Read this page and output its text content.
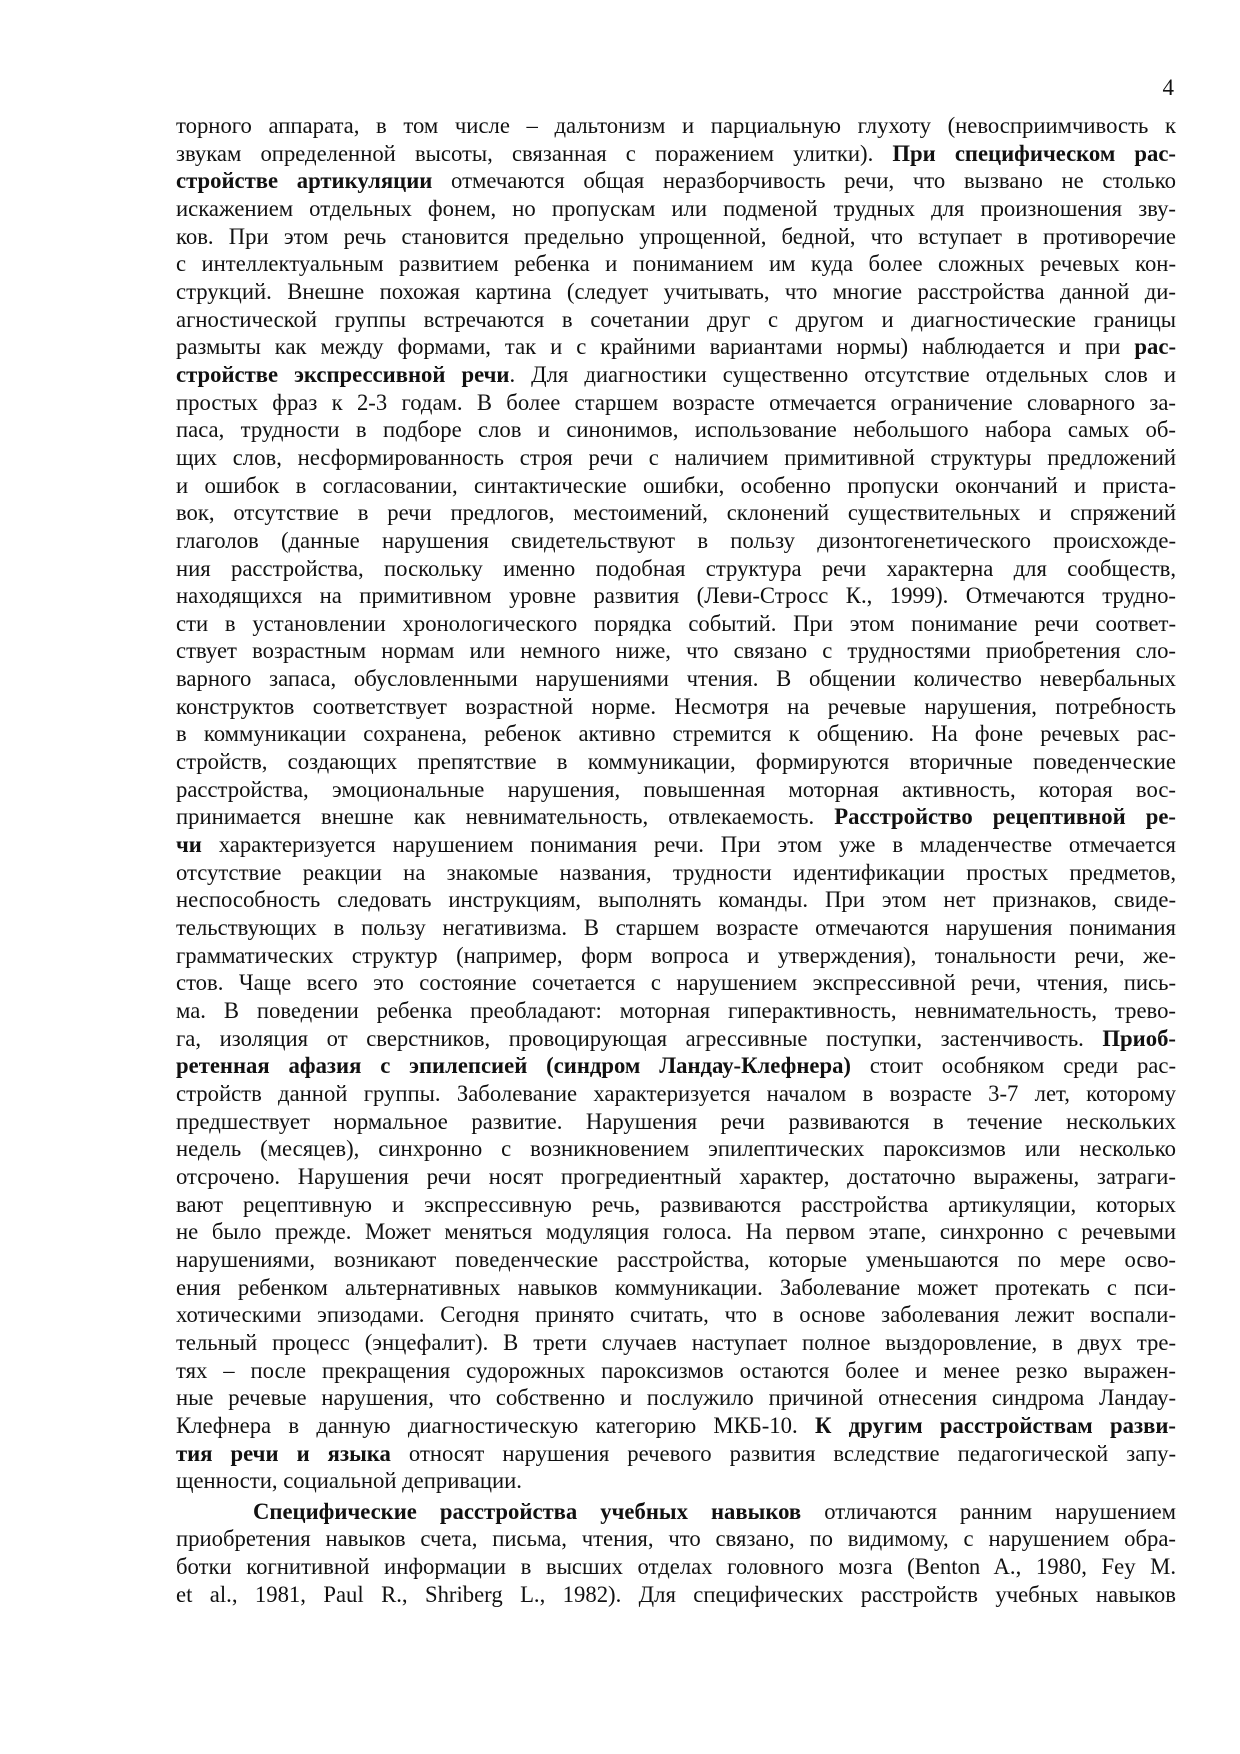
4

торного аппарата, в том числе – дальтонизм и парциальную глухоту (невосприимчивость к
звукам определенной высоты, связанная с поражением улитки). При специфическом рас-
стройстве артикуляции отмечаются общая неразборчивость речи, что вызвано не столько
искажением отдельных фонем, но пропускам или подменой трудных для произношения зву-
ков. При этом речь становится предельно упрощенной, бедной, что вступает в противоречие
с интеллектуальным развитием ребенка и пониманием им куда более сложных речевых кон-
струкций. Внешне похожая картина (следует учитывать, что многие расстройства данной ди-
агностической группы встречаются в сочетании друг с другом и диагностические границы
размыты как между формами, так и с крайними вариантами нормы) наблюдается и при рас-
стройстве экспрессивной речи. Для диагностики существенно отсутствие отдельных слов и
простых фраз к 2-3 годам. В более старшем возрасте отмечается ограничение словарного за-
паса, трудности в подборе слов и синонимов, использование небольшого набора самых об-
щих слов, несформированность строя речи с наличием примитивной структуры предложений
и ошибок в согласовании, синтактические ошибки, особенно пропуски окончаний и приста-
вок, отсутствие в речи предлогов, местоимений, склонений существительных и спряжений
глаголов (данные нарушения свидетельствуют в пользу дизонтогенетического происхожде-
ния расстройства, поскольку именно подобная структура речи характерна для сообществ,
находящихся на примитивном уровне развития (Леви-Стросс К., 1999). Отмечаются трудно-
сти в установлении хронологического порядка событий. При этом понимание речи соответ-
ствует возрастным нормам или немного ниже, что связано с трудностями приобретения сло-
варного запаса, обусловленными нарушениями чтения. В общении количество невербальных
конструктов соответствует возрастной норме. Несмотря на речевые нарушения, потребность
в коммуникации сохранена, ребенок активно стремится к общению. На фоне речевых рас-
стройств, создающих препятствие в коммуникации, формируются вторичные поведенческие
расстройства, эмоциональные нарушения, повышенная моторная активность, которая вос-
принимается внешне как невнимательность, отвлекаемость. Расстройство рецептивной ре-
чи характеризуется нарушением понимания речи. При этом уже в младенчестве отмечается
отсутствие реакции на знакомые названия, трудности идентификации простых предметов,
неспособность следовать инструкциям, выполнять команды. При этом нет признаков, свиде-
тельствующих в пользу негативизма. В старшем возрасте отмечаются нарушения понимания
грамматических структур (например, форм вопроса и утверждения), тональности речи, же-
стов. Чаще всего это состояние сочетается с нарушением экспрессивной речи, чтения, пись-
ма. В поведении ребенка преобладают: моторная гиперактивность, невнимательность, трево-
га, изоляция от сверстников, провоцирующая агрессивные поступки, застенчивость. Приоб-
ретенная афазия с эпилепсией (синдром Ландау-Клефнера) стоит особняком среди рас-
стройств данной группы. Заболевание характеризуется началом в возрасте 3-7 лет, которому
предшествует нормальное развитие. Нарушения речи развиваются в течение нескольких
недель (месяцев), синхронно с возникновением эпилептических пароксизмов или несколько
отсрочено. Нарушения речи носят прогредиентный характер, достаточно выражены, затраги-
вают рецептивную и экспрессивную речь, развиваются расстройства артикуляции, которых
не было прежде. Может меняться модуляция голоса. На первом этапе, синхронно с речевыми
нарушениями, возникают поведенческие расстройства, которые уменьшаются по мере осво-
ения ребенком альтернативных навыков коммуникации. Заболевание может протекать с пси-
хотическими эпизодами. Сегодня принято считать, что в основе заболевания лежит воспали-
тельный процесс (энцефалит). В трети случаев наступает полное выздоровление, в двух тре-
тях – после прекращения судорожных пароксизмов остаются более и менее резко выражен-
ные речевые нарушения, что собственно и послужило причиной отнесения синдрома Ландау-
Клефнера в данную диагностическую категорию МКБ-10. К другим расстройствам разви-
тия речи и языка относят нарушения речевого развития вследствие педагогической запу-
щенности, социальной депривации.

Специфические расстройства учебных навыков отличаются ранним нарушением
приобретения навыков счета, письма, чтения, что связано, по видимому, с нарушением обра-
ботки когнитивной информации в высших отделах головного мозга (Benton A., 1980, Fey M.
et al., 1981, Paul R., Shriberg L., 1982). Для специфических расстройств учебных навыков
